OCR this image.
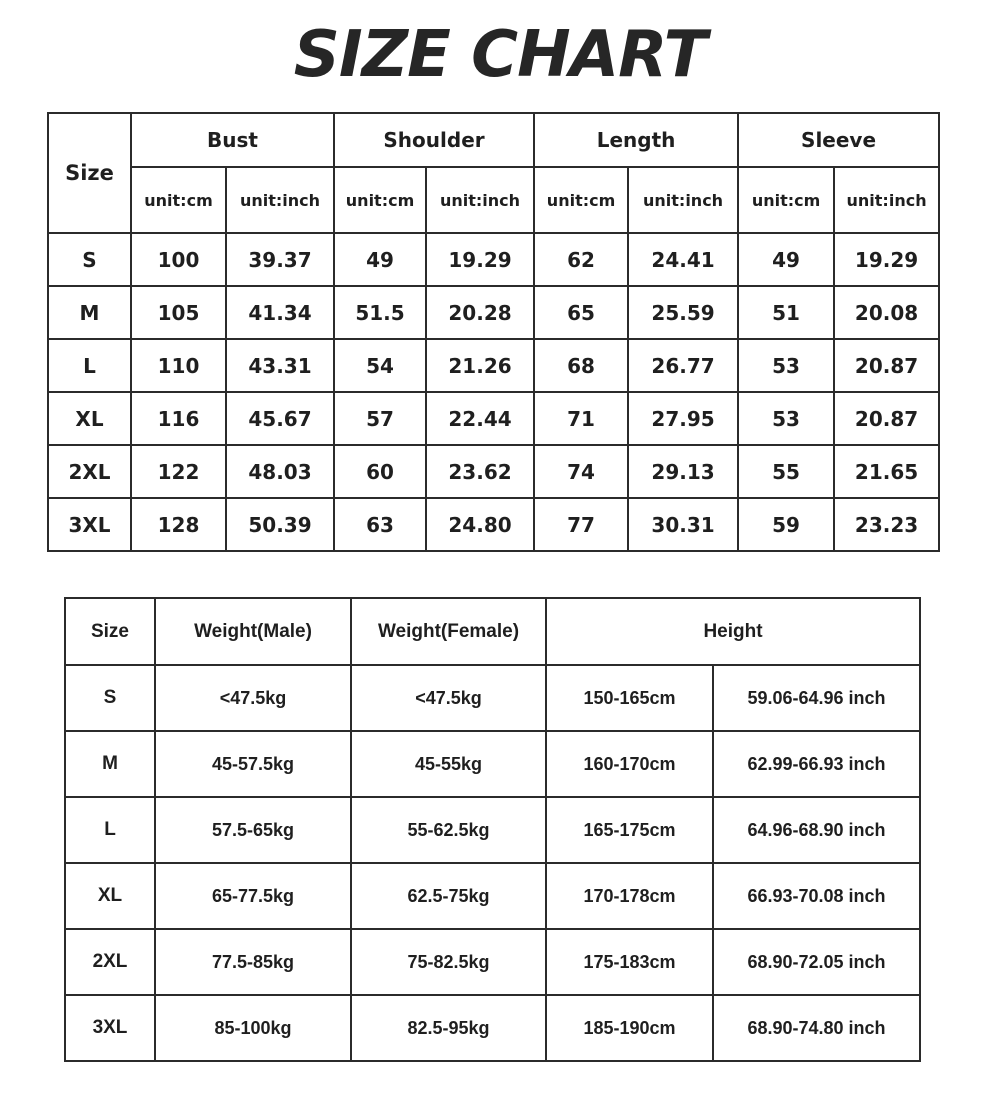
SIZE CHART
Size	Bust		Shoulder		Length		Sleeve	
	unit:cm	unit:inch	unit:cm	unit:inch	unit:cm	unit:inch	unit:cm	unit:inch
S	100	39.37	49	19.29	62	24.41	49	19.29
M	105	41.34	51.5	20.28	65	25.59	51	20.08
L	110	43.31	54	21.26	68	26.77	53	20.87
XL	116	45.67	57	22.44	71	27.95	53	20.87
2XL	122	48.03	60	23.62	74	29.13	55	21.65
3XL	128	50.39	63	24.80	77	30.31	59	23.23
Size	Weight(Male)	Weight(Female)	Height	
S	<47.5kg	<47.5kg	150-165cm	59.06-64.96 inch
M	45-57.5kg	45-55kg	160-170cm	62.99-66.93 inch
L	57.5-65kg	55-62.5kg	165-175cm	64.96-68.90 inch
XL	65-77.5kg	62.5-75kg	170-178cm	66.93-70.08 inch
2XL	77.5-85kg	75-82.5kg	175-183cm	68.90-72.05 inch
3XL	85-100kg	82.5-95kg	185-190cm	68.90-74.80 inch
